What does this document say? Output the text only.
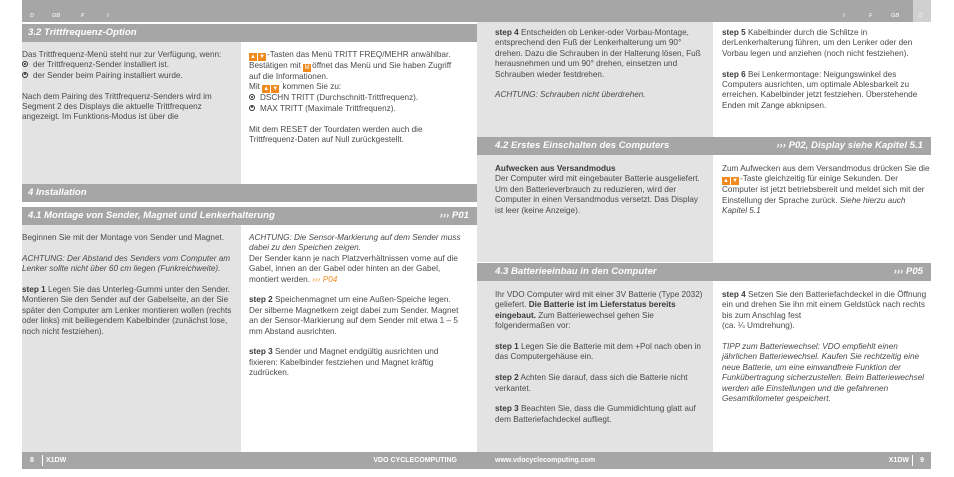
D	GB	F	I	I	F	GB	D
3.2 Trittfrequenz-Option

Das Trittfrequenz-Menü steht nur zur Verfügung, wenn:

der Trittfrequenz-Sender installiert ist.
der Sender beim Pairing installiert wurde.

Nach dem Pairing des Trittfrequenz-Senders wird im Segment 2 des Displays die aktuelle Trittfrequenz angezeigt. Im Funktions-Modus ist über die

▲ ▼ -Tasten das Menü TRITT FREQ/MEHR anwählbar. Bestätigen mit M öffnet das Menü und Sie haben Zugriff auf die Informationen.

Mit ▲ ▼ kommen Sie zu:

DSCHN TRITT (Durchschnitt-Trittfrequenz).
MAX TRITT (Maximale Trittfrequenz).

Mit dem RESET der Tourdaten werden auch die Trittfrequenz-Daten auf Null zurückgestellt.

4 Installation
4.1 Montage von Sender, Magnet und Lenkerhalterung	››› P01

Beginnen Sie mit der Montage von Sender und Magnet.

ACHTUNG: Der Abstand des Senders vom Computer am Lenker sollte nicht über 60 cm liegen (Funkreichweite).

step 1 Legen Sie das Unterleg-Gummi unter den Sender. Montieren Sie den Sender auf der Gabelseite, an der Sie später den Computer am Lenker montieren wollen (rechts oder links) mit beiliegendem Kabelbinder (zunächst lose, noch nicht festziehen).

ACHTUNG: Die Sensor-Markierung auf dem Sender muss dabei zu den Speichen zeigen.

Der Sender kann je nach Platzverhältnissen vorne auf die Gabel, innen an der Gabel oder hinten an der Gabel, montiert werden. ››› P04

step 2 Speichenmagnet um eine Außen-Speiche legen. Der silberne Magnetkern zeigt dabei zum Sender. Magnet an der Sensor-Markierung auf dem Sender mit etwa 1 – 5 mm Abstand ausrichten.

step 3 Sender und Magnet endgültig ausrichten und fixieren: Kabelbinder festziehen und Magnet kräftig zudrücken.

step 4 Entscheiden ob Lenker-oder Vorbau-Montage, entsprechend den Fuß der Lenkerhalterung um 90° drehen. Dazu die Schrauben in der Halterung lösen, Fuß herausnehmen und um 90° drehen, einsetzen und Schrauben wieder festdrehen.

ACHTUNG: Schrauben nicht überdrehen.

step 5 Kabelbinder durch die Schlitze in derLenkerhalterung führen, um den Lenker oder den Vorbau legen und anziehen (noch nicht festziehen).

step 6 Bei Lenkermontage: Neigungswinkel des Computers ausrichten, um optimale Ablesbarkeit zu erreichen. Kabelbinder jetzt festziehen. Überstehende Enden mit Zange abknipsen.

4.2 Erstes Einschalten des Computers	››› P02, Display siehe Kapitel 5.1

Aufwecken aus Versandmodus

Der Computer wird mit eingebauter Batterie ausgeliefert. Um den Batterieverbrauch zu reduzieren, wird der Computer in einen Versandmodus versetzt. Das Display ist leer (keine Anzeige).

Zum Aufwecken aus dem Versandmodus drücken Sie die ▲ ▼ -Taste gleichzeitig für einige Sekunden. Der Computer ist jetzt betriebsbereit und meldet sich mit der Einstellung der Sprache zurück. Siehe hierzu auch Kapitel 5.1

4.3 Batterieeinbau in den Computer	››› P05

Ihr VDO Computer wird mit einer 3V Batterie (Type 2032) geliefert. Die Batterie ist im Lieferstatus bereits eingebaut. Zum Batteriewechsel gehen Sie folgendermaßen vor:

step 1 Legen Sie die Batterie mit dem +Pol nach oben in das Computergehäuse ein.

step 2 Achten Sie darauf, dass sich die Batterie nicht verkantet.

step 3 Beachten Sie, dass die Gummidichtung glatt auf dem Batteriefachdeckel aufliegt.

step 4 Setzen Sie den Batteriefachdeckel in die Öffnung ein und drehen Sie ihn mit einem Geldstück nach rechts bis zum Anschlag fest

(ca. ¼ Umdrehung).

TIPP zum Batteriewechsel: VDO empfiehlt einen jährlichen Batteriewechsel. Kaufen Sie rechtzeitig eine neue Batterie, um eine einwandfreie Funktion der Funkübertragung sicherzustellen. Beim Batteriewechsel werden alle Einstellungen und die gefahrenen Gesamtkilometer gespeichert.

8 X1DW	VDO CYCLECOMPUTING	www.vdocyclecomputing.com	X1DW 9
